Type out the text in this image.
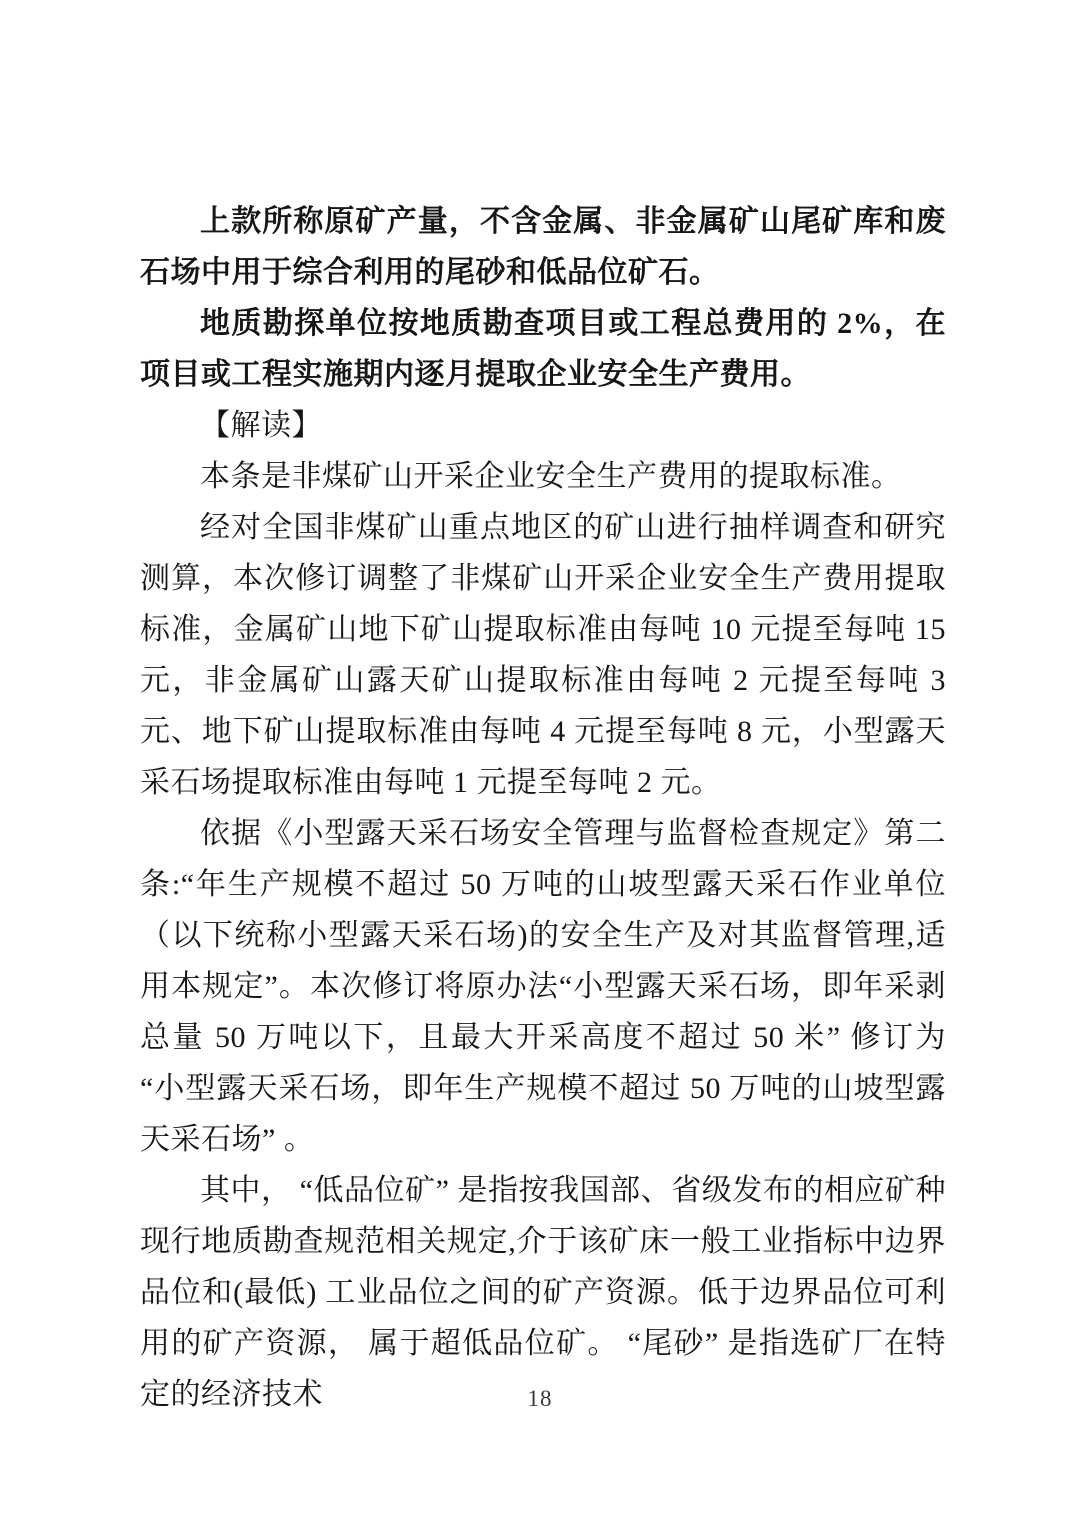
上款所称原矿产量，不含金属、非金属矿山尾矿库和废石场中用于综合利用的尾砂和低品位矿石。

地质勘探单位按地质勘查项目或工程总费用的 2%，在项目或工程实施期内逐月提取企业安全生产费用。

【解读】

本条是非煤矿山开采企业安全生产费用的提取标准。

经对全国非煤矿山重点地区的矿山进行抽样调查和研究测算，本次修订调整了非煤矿山开采企业安全生产费用提取标准，金属矿山地下矿山提取标准由每吨 10 元提至每吨 15 元，非金属矿山露天矿山提取标准由每吨 2 元提至每吨 3 元、地下矿山提取标准由每吨 4 元提至每吨 8 元，小型露天采石场提取标准由每吨 1 元提至每吨 2 元。

依据《小型露天采石场安全管理与监督检查规定》第二条:“年生产规模不超过 50 万吨的山坡型露天采石作业单位（以下统称小型露天采石场)的安全生产及对其监督管理,适用本规定”。本次修订将原办法“小型露天采石场，即年采剥总量 50 万吨以下，且最大开采高度不超过 50 米” 修订为 “小型露天采石场，即年生产规模不超过 50 万吨的山坡型露天采石场” 。

其中， “低品位矿” 是指按我国部、省级发布的相应矿种现行地质勘查规范相关规定,介于该矿床一般工业指标中边界品位和(最低) 工业品位之间的矿产资源。低于边界品位可利用的矿产资源， 属于超低品位矿。 “尾砂” 是指选矿厂在特定的经济技术	18
